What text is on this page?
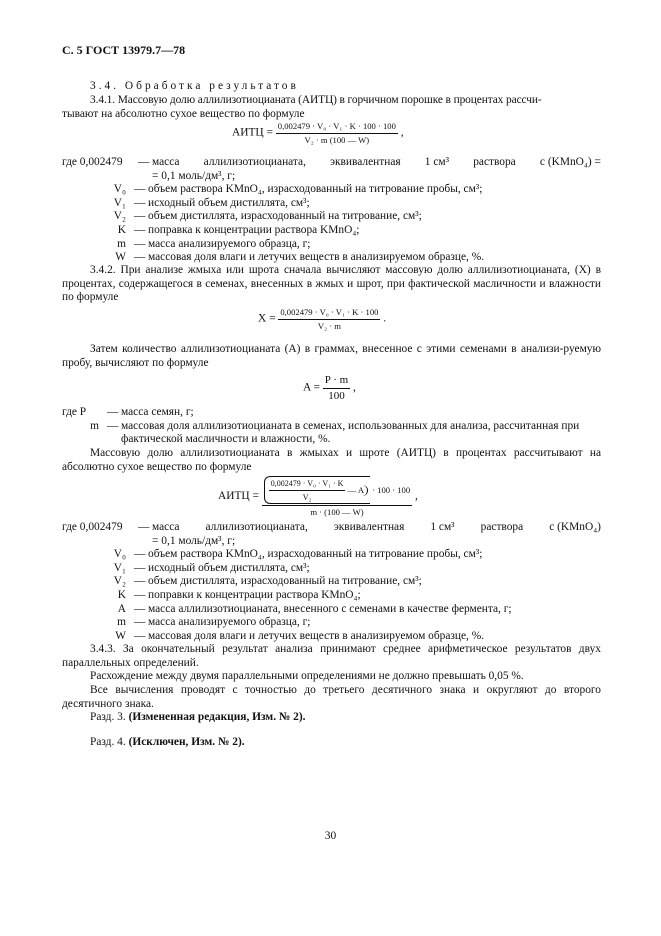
С. 5 ГОСТ 13979.7—78
3.4. Обработка результатов
3.4.1. Массовую долю аллилизотиоцианата (АИТЦ) в горчичном порошке в процентах рассчи-
тывают на абсолютно сухое вещество по формуле
АИТЦ = $\frac{\text{0,002479 · V₀ · V₁ · K · 100 · 100}}{\text{V₂ · m (100 — W)}}$ ,
где 0,002479	— масса аллилизотиоцианата, эквивалентная 1 см³ раствора c (KMnO₄) =
= 0,1 моль/дм³, г;
V₀ — объем раствора KMnO₄, израсходованный на титрование пробы, см³;
V₁ — исходный объем дистиллята, см³;
V₂ — объем дистиллята, израсходованный на титрование, см³;
K — поправка к концентрации раствора KMnO₄;
m — масса анализируемого образца, г;
W — массовая доля влаги и летучих веществ в анализируемом образце, %.
3.4.2. При анализе жмыха или шрота сначала вычисляют массовую долю аллилизотиоцианата, (X) в процентах, содержащегося в семенах, внесенных в жмых и шрот, при фактической масличности и влажности по формуле
$X = \frac{\text{0,002479 · V₀ · V₁ · K · 100}}{\text{V₂ · m}}$ .
Затем количество аллилизотиоцианата (A) в граммах, внесенное с этими семенами в анализи-руемую пробу, вычисляют по формуле
$A = \frac{P \cdot m}{100}$ ,
где P	— масса семян, г;
m — массовая доля аллилизотиоцианата в семенах, использованных для анализа, рассчитанная при фактической масличности и влажности, %.
Массовую долю аллилизотиоцианата в жмыхах и шроте (АИТЦ) в процентах рассчитывают на абсолютно сухое вещество по формуле
АИТЦ = $\frac{\text{0,002479 · V₀ · V₁ · K}}{\text{V₂}}$ — A · 100 · 100
m · (100 — W)
,
где 0,002479	— масса аллилизотиоцианата, эквивалентная 1 см³ раствора c (KMnO₄)
= 0,1 моль/дм³, г;
V₀ — объем раствора KMnO₄, израсходованный на титрование пробы, см³;
V₁ — исходный объем дистиллята, см³;
V₂ — объем дистиллята, израсходованный на титрование, см³;
K — поправки к концентрации раствора KMnO₄;
A — масса аллилизотиоцианата, внесенного с семенами в качестве фермента, г;
m — масса анализируемого образца, г;
W — массовая доля влаги и летучих веществ в анализируемом образце, %.
3.4.3. За окончательный результат анализа принимают среднее арифметическое результатов двух параллельных определений.
Расхождение между двумя параллельными определениями не должно превышать 0,05 %.
Все вычисления проводят с точностью до третьего десятичного знака и округляют до второго десятичного знака.
Разд. 3. (Измененная редакция, Изм. № 2).
Разд. 4. (Исключен, Изм. № 2).
30
